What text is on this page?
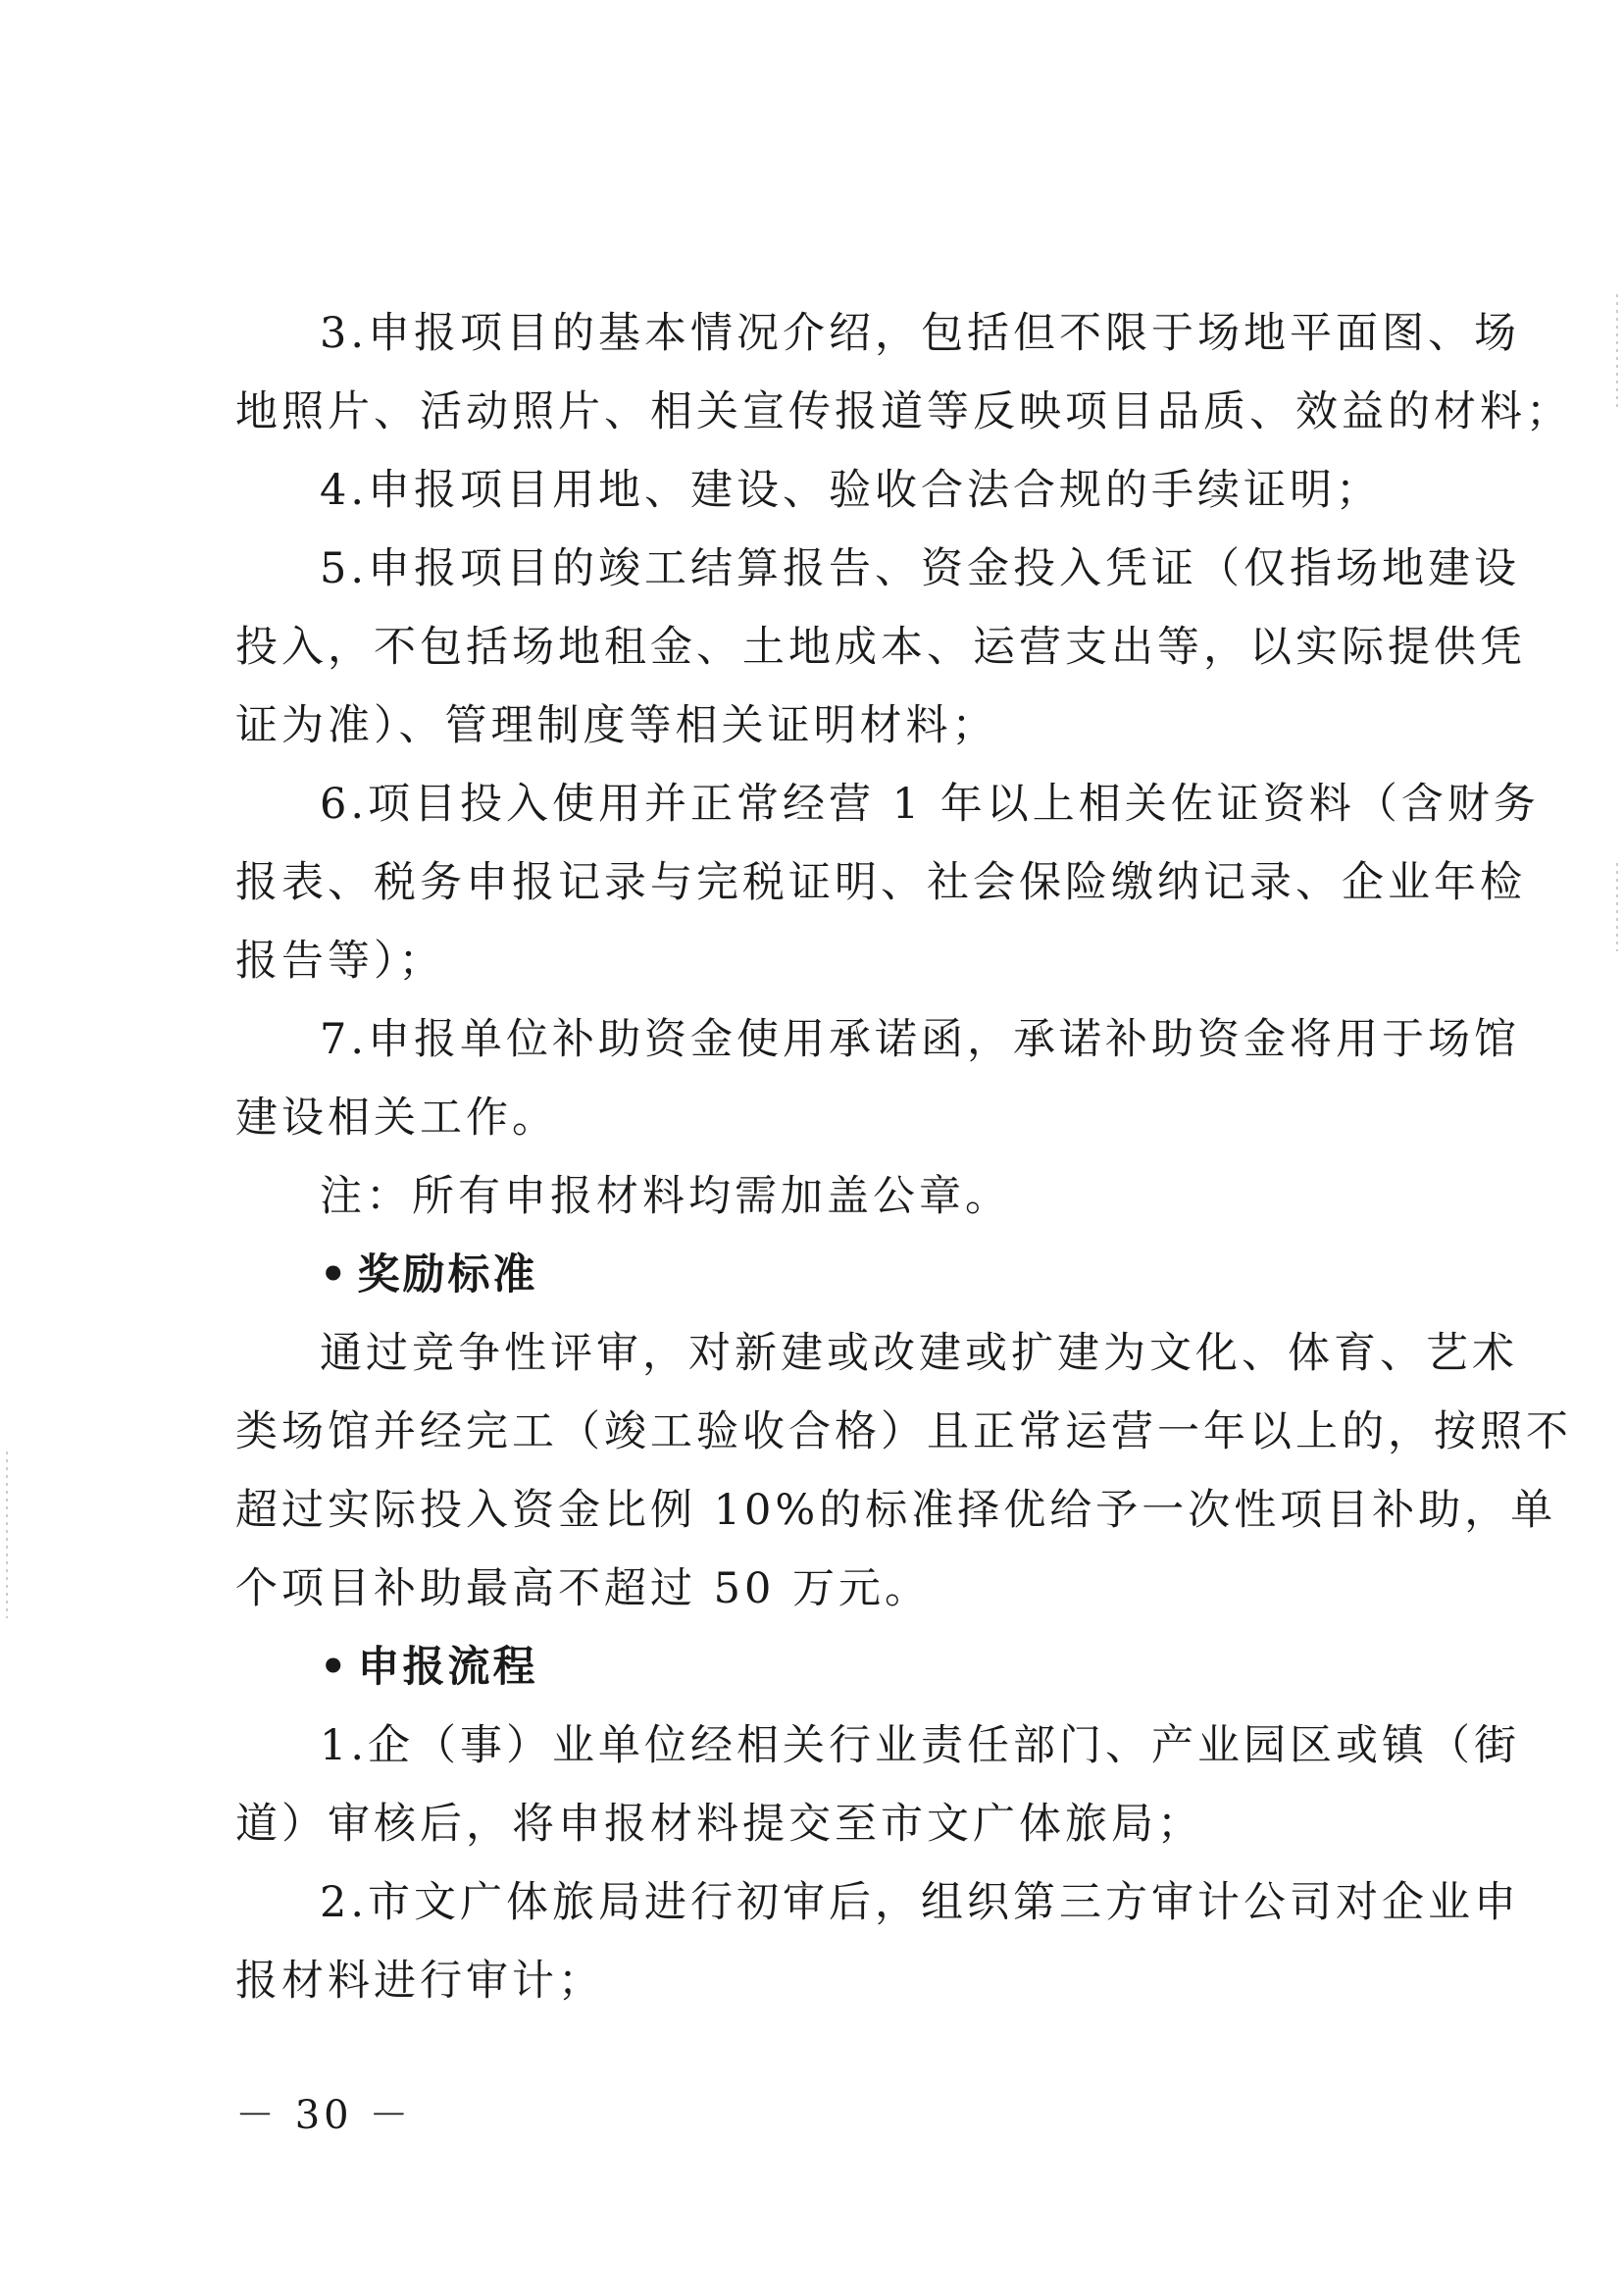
3.申报项目的基本情况介绍，包括但不限于场地平面图、场
地照片、活动照片、相关宣传报道等反映项目品质、效益的材料；
4.申报项目用地、建设、验收合法合规的手续证明；
5.申报项目的竣工结算报告、资金投入凭证（仅指场地建设
投入，不包括场地租金、土地成本、运营支出等，以实际提供凭
证为准）、管理制度等相关证明材料；
6.项目投入使用并正常经营 1 年以上相关佐证资料（含财务
报表、税务申报记录与完税证明、社会保险缴纳记录、企业年检
报告等）；
7.申报单位补助资金使用承诺函，承诺补助资金将用于场馆
建设相关工作。
注：所有申报材料均需加盖公章。
• 奖励标准
通过竞争性评审，对新建或改建或扩建为文化、体育、艺术
类场馆并经完工（竣工验收合格）且正常运营一年以上的，按照不
超过实际投入资金比例 10%的标准择优给予一次性项目补助，单
个项目补助最高不超过 50 万元。
• 申报流程
1.企（事）业单位经相关行业责任部门、产业园区或镇（街
道）审核后，将申报材料提交至市文广体旅局；
2.市文广体旅局进行初审后，组织第三方审计公司对企业申
报材料进行审计；
－ 30 －
